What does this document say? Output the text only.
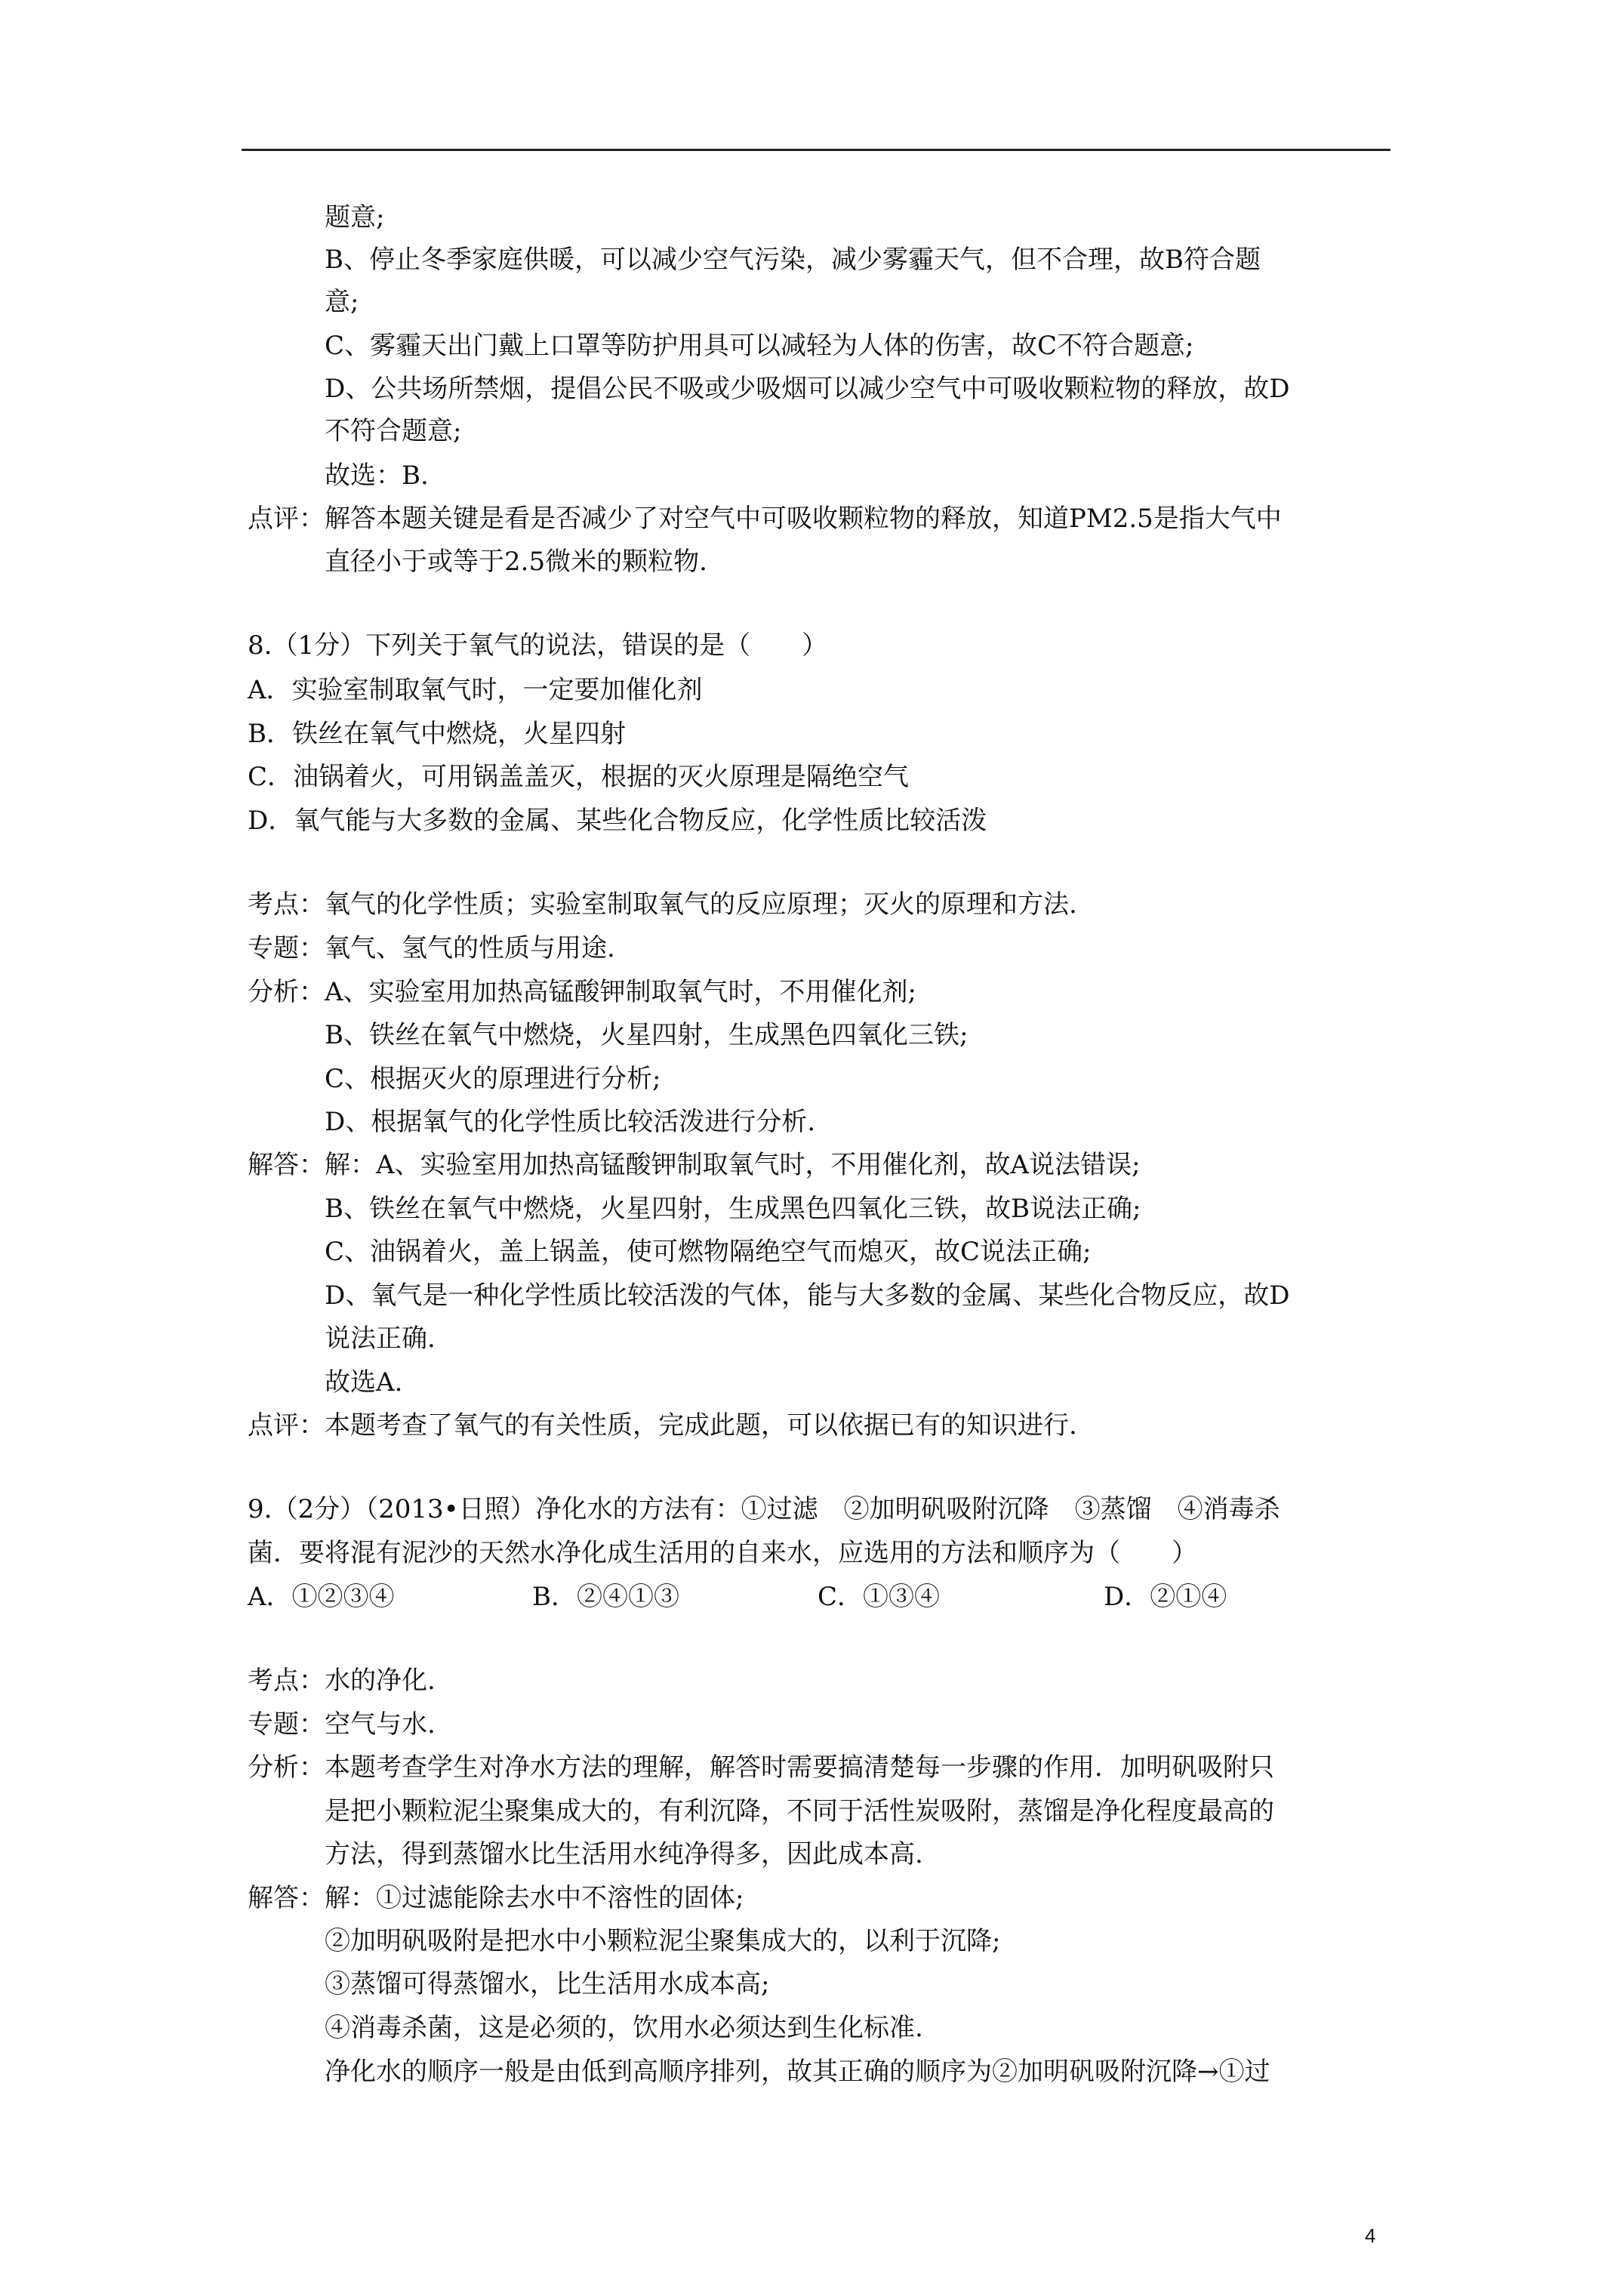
题意;
B、停止冬季家庭供暖，可以减少空气污染，减少雾霾天气，但不合理，故B符合题
意;
C、雾霾天出门戴上口罩等防护用具可以减轻为人体的伤害，故C不符合题意;
D、公共场所禁烟，提倡公民不吸或少吸烟可以减少空气中可吸收颗粒物的释放，故D
不符合题意;
故选：B.
点评：解答本题关键是看是否减少了对空气中可吸收颗粒物的释放，知道PM2.5是指大气中
直径小于或等于2.5微米的颗粒物.
8.（1分）下列关于氧气的说法，错误的是（　　）
A．实验室制取氧气时，一定要加催化剂
B．铁丝在氧气中燃烧，火星四射
C．油锅着火，可用锅盖盖灭，根据的灭火原理是隔绝空气
D．氧气能与大多数的金属、某些化合物反应，化学性质比较活泼
考点：氧气的化学性质；实验室制取氧气的反应原理；灭火的原理和方法.
专题：氧气、氢气的性质与用途.
分析：A、实验室用加热高锰酸钾制取氧气时，不用催化剂;
B、铁丝在氧气中燃烧，火星四射，生成黑色四氧化三铁;
C、根据灭火的原理进行分析;
D、根据氧气的化学性质比较活泼进行分析.
解答：解：A、实验室用加热高锰酸钾制取氧气时，不用催化剂，故A说法错误;
B、铁丝在氧气中燃烧，火星四射，生成黑色四氧化三铁，故B说法正确;
C、油锅着火，盖上锅盖，使可燃物隔绝空气而熄灭，故C说法正确;
D、氧气是一种化学性质比较活泼的气体，能与大多数的金属、某些化合物反应，故D
说法正确.
故选A.
点评：本题考查了氧气的有关性质，完成此题，可以依据已有的知识进行.
9.（2分）（2013•日照）净化水的方法有：①过滤　②加明矾吸附沉降　③蒸馏　④消毒杀
菌．要将混有泥沙的天然水净化成生活用的自来水，应选用的方法和顺序为（　　）
A．①②③④	B．②④①③	C．①③④	D．②①④
考点：水的净化.
专题：空气与水.
分析：本题考查学生对净水方法的理解，解答时需要搞清楚每一步骤的作用．加明矾吸附只
是把小颗粒泥尘聚集成大的，有利沉降，不同于活性炭吸附，蒸馏是净化程度最高的
方法，得到蒸馏水比生活用水纯净得多，因此成本高.
解答：解：①过滤能除去水中不溶性的固体;
②加明矾吸附是把水中小颗粒泥尘聚集成大的，以利于沉降;
③蒸馏可得蒸馏水，比生活用水成本高;
④消毒杀菌，这是必须的，饮用水必须达到生化标准.
净化水的顺序一般是由低到高顺序排列，故其正确的顺序为②加明矾吸附沉降→①过
4
